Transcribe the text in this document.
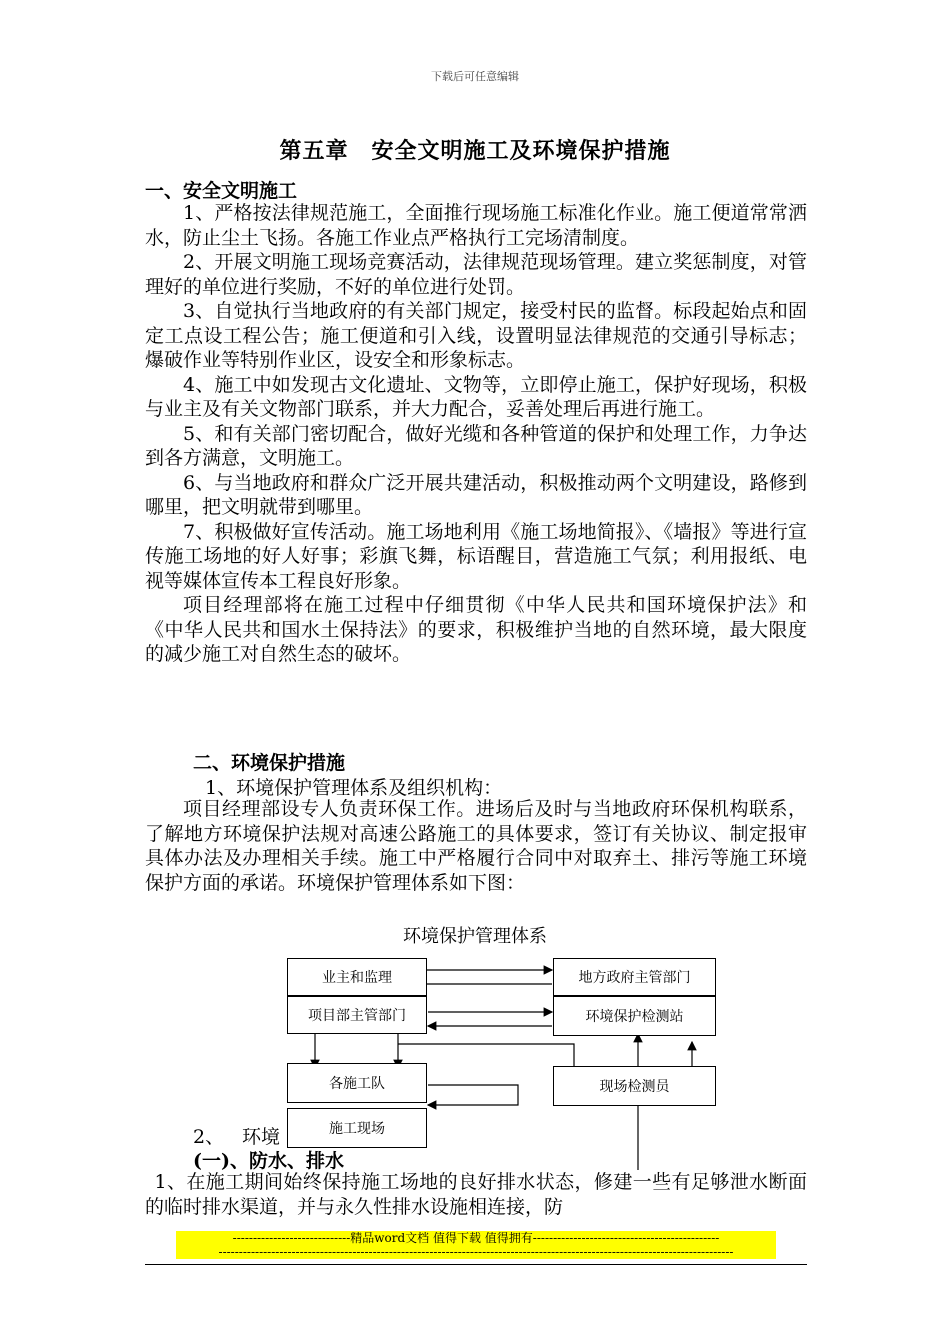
下载后可任意编辑
第五章　安全文明施工及环境保护措施
一、安全文明施工

1、严格按法律规范施工，全面推行现场施工标准化作业。施工便道常常洒水，防止尘土飞扬。各施工作业点严格执行工完场清制度。

2、开展文明施工现场竞赛活动，法律规范现场管理。建立奖惩制度，对管理好的单位进行奖励，不好的单位进行处罚。

3、自觉执行当地政府的有关部门规定，接受村民的监督。标段起始点和固定工点设工程公告；施工便道和引入线，设置明显法律规范的交通引导标志；爆破作业等特别作业区，设安全和形象标志。

4、施工中如发现古文化遗址、文物等，立即停止施工，保护好现场，积极与业主及有关文物部门联系，并大力配合，妥善处理后再进行施工。

5、和有关部门密切配合，做好光缆和各种管道的保护和处理工作，力争达到各方满意，文明施工。

6、与当地政府和群众广泛开展共建活动，积极推动两个文明建设，路修到哪里，把文明就带到哪里。

7、积极做好宣传活动。施工场地利用《施工场地简报》、《墙报》等进行宣传施工场地的好人好事；彩旗飞舞，标语醒目，营造施工气氛；利用报纸、电视等媒体宣传本工程良好形象。

项目经理部将在施工过程中仔细贯彻《中华人民共和国环境保护法》和《中华人民共和国水土保持法》的要求，积极维护当地的自然环境，最大限度的减少施工对自然生态的破坏。

二、环境保护措施
1、环境保护管理体系及组织机构：

项目经理部设专人负责环保工作。进场后及时与当地政府环保机构联系，了解地方环境保护法规对高速公路施工的具体要求，签订有关协议、制定报审具体办法及办理相关手续。施工中严格履行合同中对取弃土、排污等施工环境保护方面的承诺。环境保护管理体系如下图：

环境保护管理体系
业主和监理
项目部主管部门
地方政府主管部门
环境保护检测站
各施工队	现场检测员
施工现场
2、 环境
(一)、防水、排水

1、在施工期间始终保持施工场地的良好排水状态，修建一些有足够泄水断面的临时排水渠道，并与永久性排水设施相连接，防

-----------------------------精品word文档 值得下载 值得拥有----------------------------------------------
-------------------------------------------------------------------------------------------------------------------------------
